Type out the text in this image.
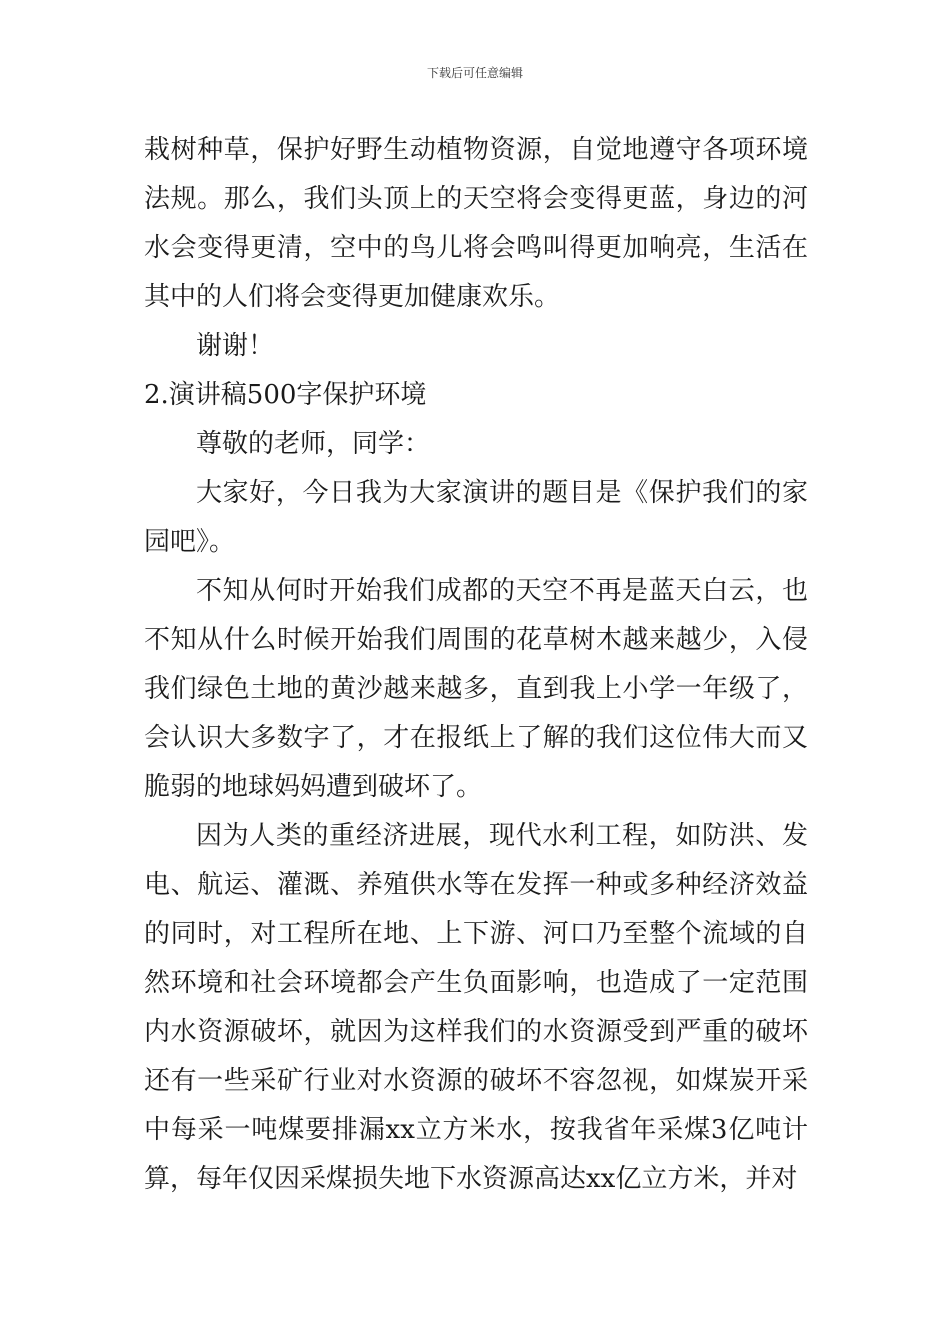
下载后可任意编辑

栽树种草，保护好野生动植物资源，自觉地遵守各项环境法规。那么，我们头顶上的天空将会变得更蓝，身边的河水会变得更清，空中的鸟儿将会鸣叫得更加响亮，生活在其中的人们将会变得更加健康欢乐。

谢谢！

2.演讲稿500字保护环境

尊敬的老师，同学：

大家好，今日我为大家演讲的题目是《保护我们的家园吧》。

不知从何时开始我们成都的天空不再是蓝天白云，也不知从什么时候开始我们周围的花草树木越来越少，入侵我们绿色土地的黄沙越来越多，直到我上小学一年级了，会认识大多数字了，才在报纸上了解的我们这位伟大而又脆弱的地球妈妈遭到破坏了。

因为人类的重经济进展，现代水利工程，如防洪、发电、航运、灌溉、养殖供水等在发挥一种或多种经济效益的同时，对工程所在地、上下游、河口乃至整个流域的自然环境和社会环境都会产生负面影响，也造成了一定范围内水资源破坏，就因为这样我们的水资源受到严重的破坏还有一些采矿行业对水资源的破坏不容忽视，如煤炭开采中每采一吨煤要排漏xx立方米水，按我省年采煤3亿吨计算，每年仅因采煤损失地下水资源高达xx亿立方米，并对
